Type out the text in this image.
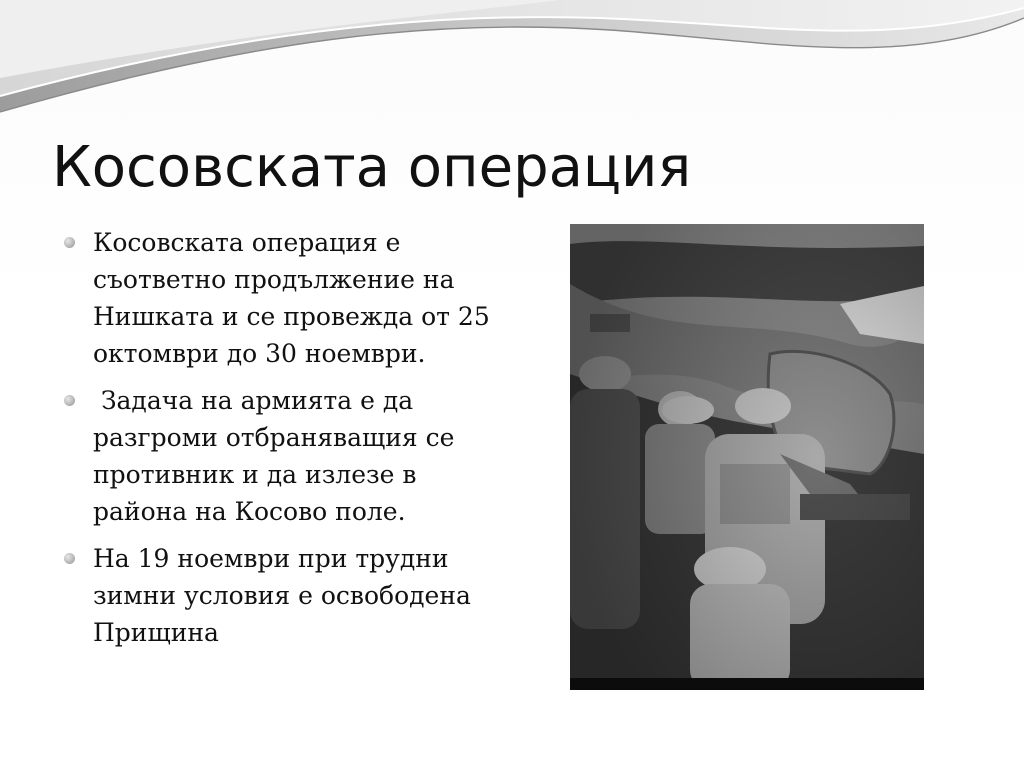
Косовската операция
Косовската операция е съответно продължение на Нишката и се провежда от 25 октомври до 30 ноември.
Задача на армията е да разгроми отбраняващия се противник и да излезе в района на Косово поле.
На 19 ноември при трудни зимни условия е освободена Прищина
